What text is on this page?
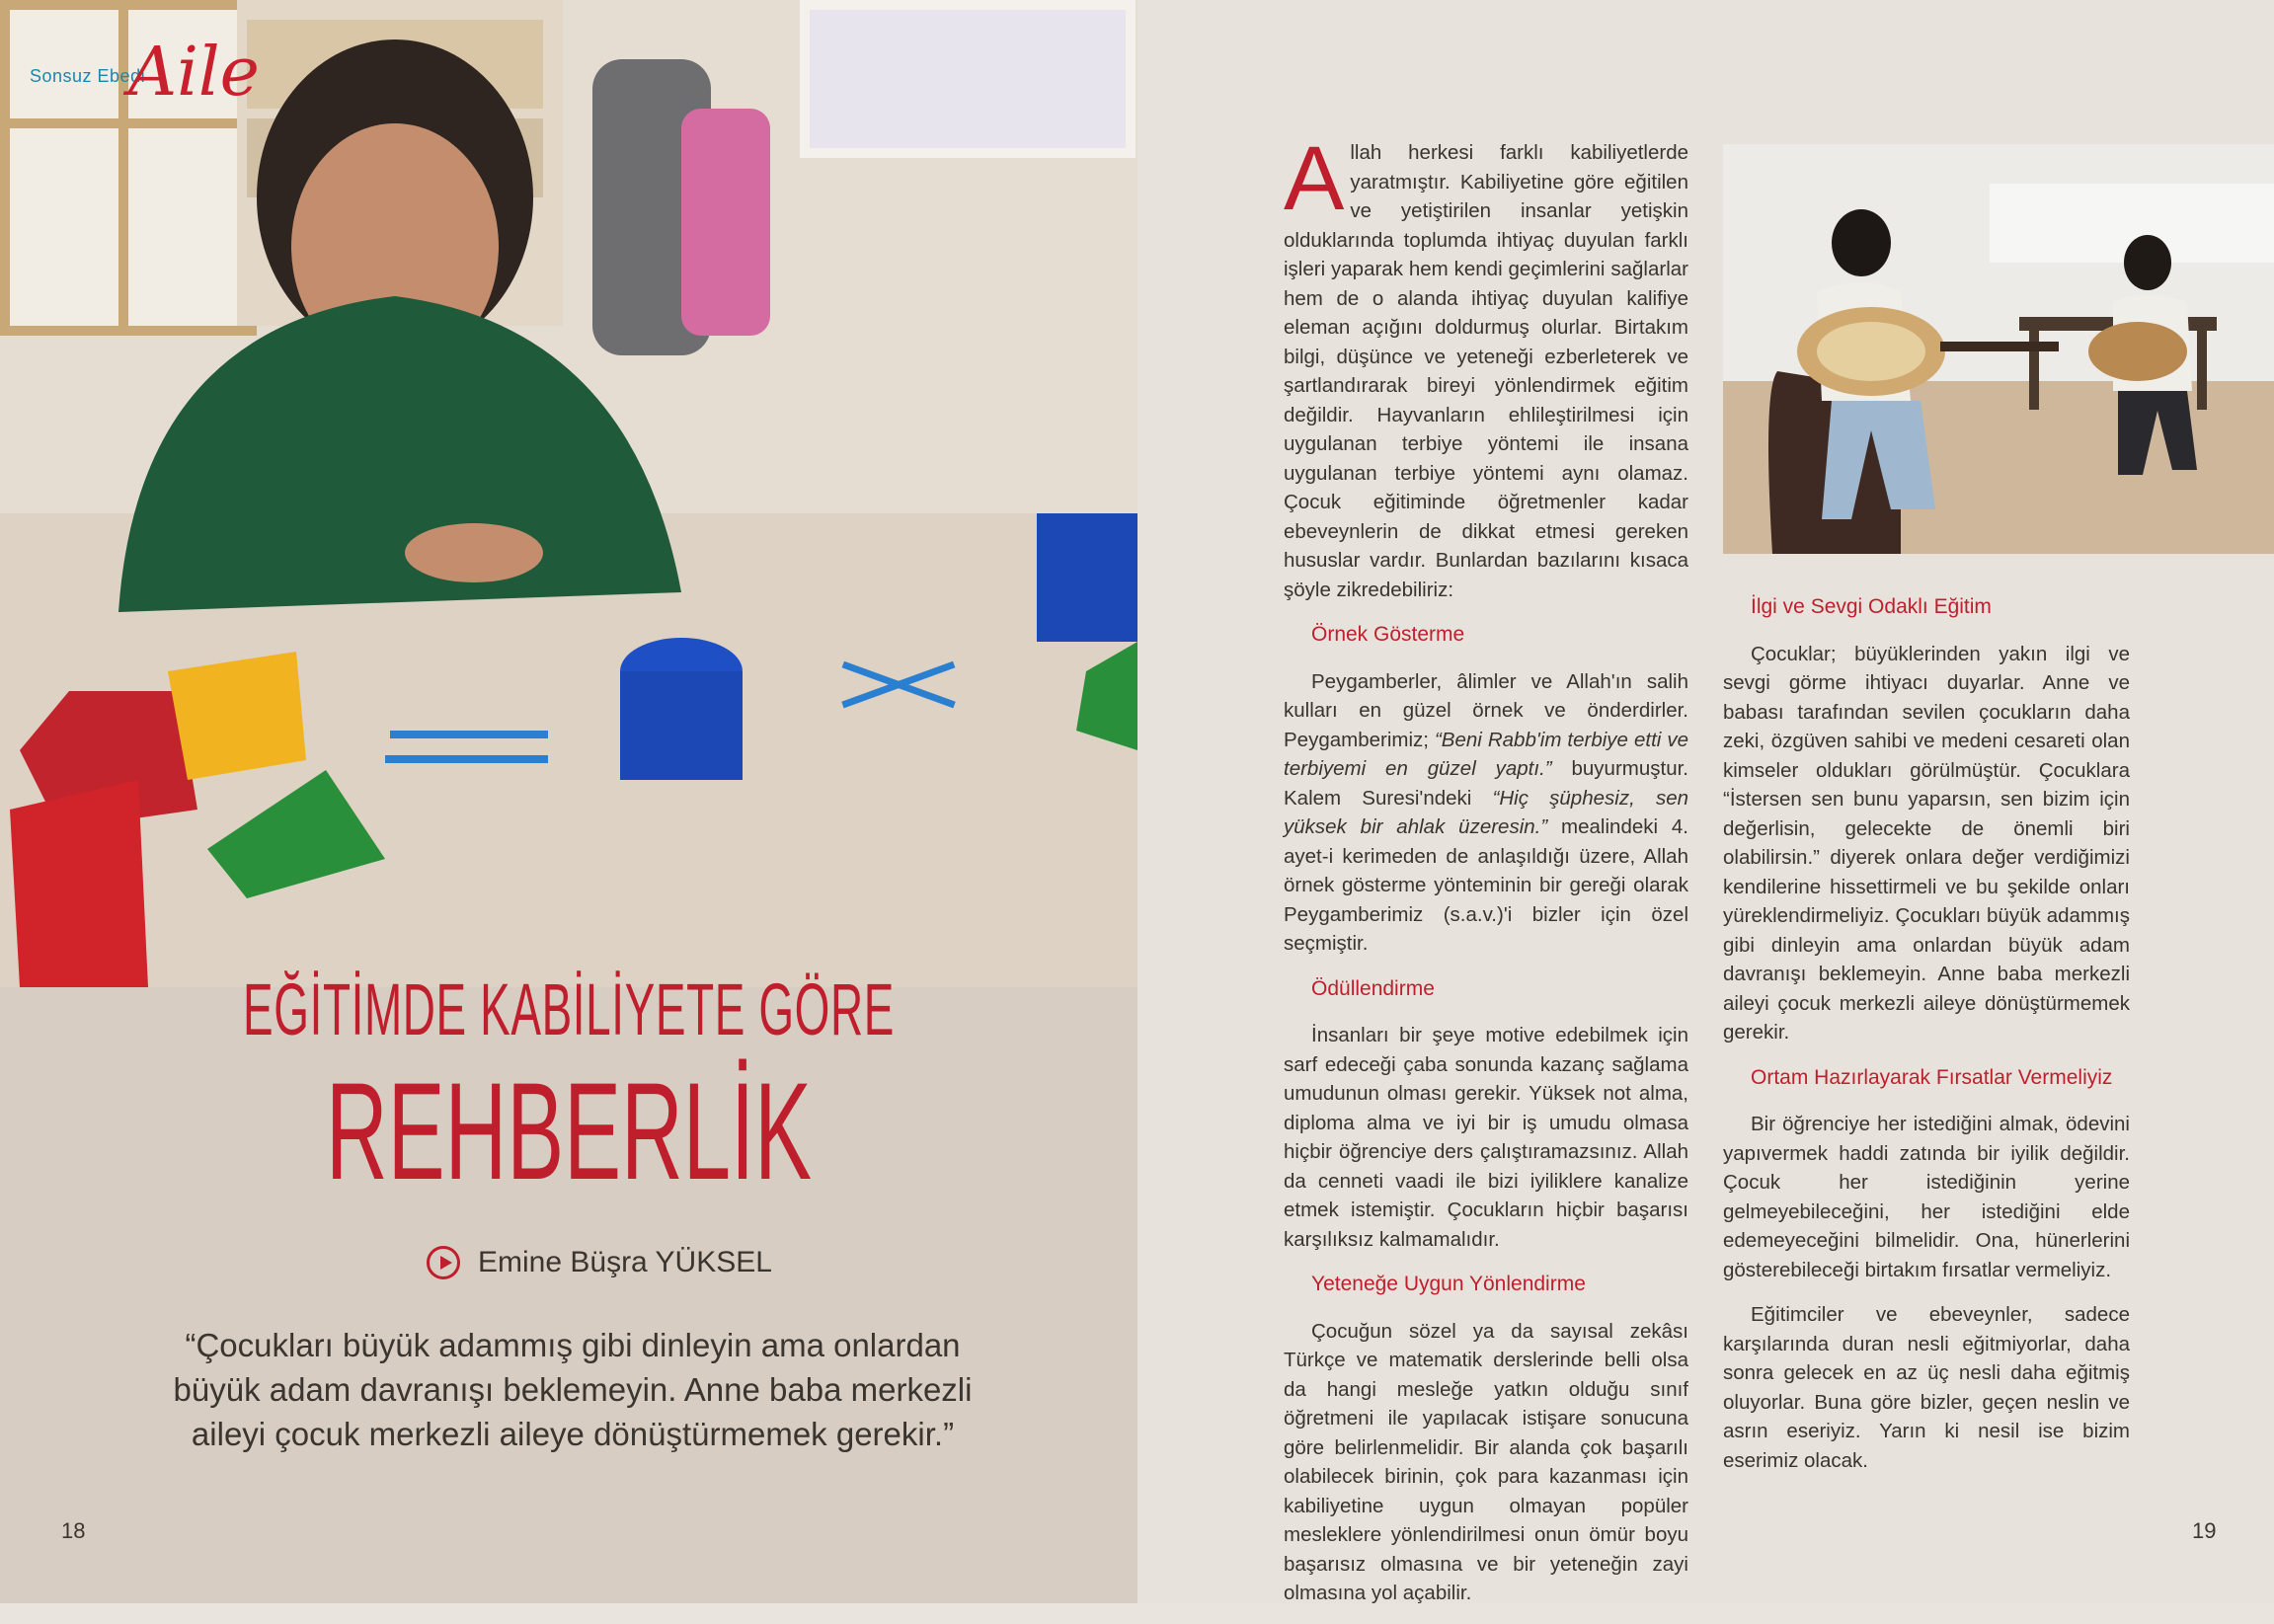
Sonsuz Ebedi
Aile
EĞİTİMDE KABİLİYETE GÖRE
REHBERLİK
Emine Büşra YÜKSEL
“Çocukları büyük adammış gibi dinleyin ama onlardan büyük adam davranışı beklemeyin. Anne baba merkezli aileyi çocuk merkezli aileye dönüştürmemek gerekir.”
18

Allah herkesi farklı kabiliyetlerde yaratmıştır. Kabiliyetine göre eğitilen ve yetiştirilen insanlar yetişkin olduklarında toplumda ihtiyaç duyulan farklı işleri yaparak hem kendi geçimlerini sağlarlar hem de o alanda ihtiyaç duyulan kalifiye eleman açığını doldurmuş olurlar. Birtakım bilgi, düşünce ve yeteneği ezberleterek ve şartlandırarak bireyi yönlendirmek eğitim değildir. Hayvanların ehlileştirilmesi için uygulanan terbiye yöntemi ile insana uygulanan terbiye yöntemi aynı olamaz. Çocuk eğitiminde öğretmenler kadar ebeveynlerin de dikkat etmesi gereken hususlar vardır. Bunlardan bazılarını kısaca şöyle zikredebiliriz:

Örnek Gösterme

Peygamberler, âlimler ve Allah'ın salih kulları en güzel örnek ve önderdirler. Peygamberimiz; “Beni Rabb'im terbiye etti ve terbiyemi en güzel yaptı.” buyurmuştur. Kalem Suresi'ndeki “Hiç şüphesiz, sen yüksek bir ahlak üzeresin.” mealindeki 4. ayet-i kerimeden de anlaşıldığı üzere, Allah örnek gösterme yönteminin bir gereği olarak Peygamberimiz (s.a.v.)'i bizler için özel seçmiştir.

Ödüllendirme

İnsanları bir şeye motive edebilmek için sarf edeceği çaba sonunda kazanç sağlama umudunun olması gerekir. Yüksek not alma, diploma alma ve iyi bir iş umudu olmasa hiçbir öğrenciye ders çalıştıramazsınız. Allah da cenneti vaadi ile bizi iyiliklere kanalize etmek istemiştir. Çocukların hiçbir başarısı karşılıksız kalmamalıdır.

Yeteneğe Uygun Yönlendirme

Çocuğun sözel ya da sayısal zekâsı Türkçe ve matematik derslerinde belli olsa da hangi mesleğe yatkın olduğu sınıf öğretmeni ile yapılacak istişare sonucuna göre belirlenmelidir. Bir alanda çok başarılı olabilecek birinin, çok para kazanması için kabiliyetine uygun olmayan popüler mesleklere yönlendirilmesi onun ömür boyu başarısız olmasına ve bir yeteneğin zayi olmasına yol açabilir.

İlgi ve Sevgi Odaklı Eğitim

Çocuklar; büyüklerinden yakın ilgi ve sevgi görme ihtiyacı duyarlar. Anne ve babası tarafından sevilen çocukların daha zeki, özgüven sahibi ve medeni cesareti olan kimseler oldukları görülmüştür. Çocuklara “İstersen sen bunu yaparsın, sen bizim için değerlisin, gelecekte de önemli biri olabilirsin.” diyerek onlara değer verdiğimizi kendilerine hissettirmeli ve bu şekilde onları yüreklendirmeliyiz. Çocukları büyük adammış gibi dinleyin ama onlardan büyük adam davranışı beklemeyin. Anne baba merkezli aileyi çocuk merkezli aileye dönüştürmemek gerekir.

Ortam Hazırlayarak Fırsatlar Vermeliyiz

Bir öğrenciye her istediğini almak, ödevini yapıvermek haddi zatında bir iyilik değildir. Çocuk her istediğinin yerine gelmeyebileceğini, her istediğini elde edemeyeceğini bilmelidir. Ona, hünerlerini gösterebileceği birtakım fırsatlar vermeliyiz.

Eğitimciler ve ebeveynler, sadece karşılarında duran nesli eğitmiyorlar, daha sonra gelecek en az üç nesli daha eğitmiş oluyorlar. Buna göre bizler, geçen neslin ve asrın eseriyiz. Yarın ki nesil ise bizim eserimiz olacak.

19
